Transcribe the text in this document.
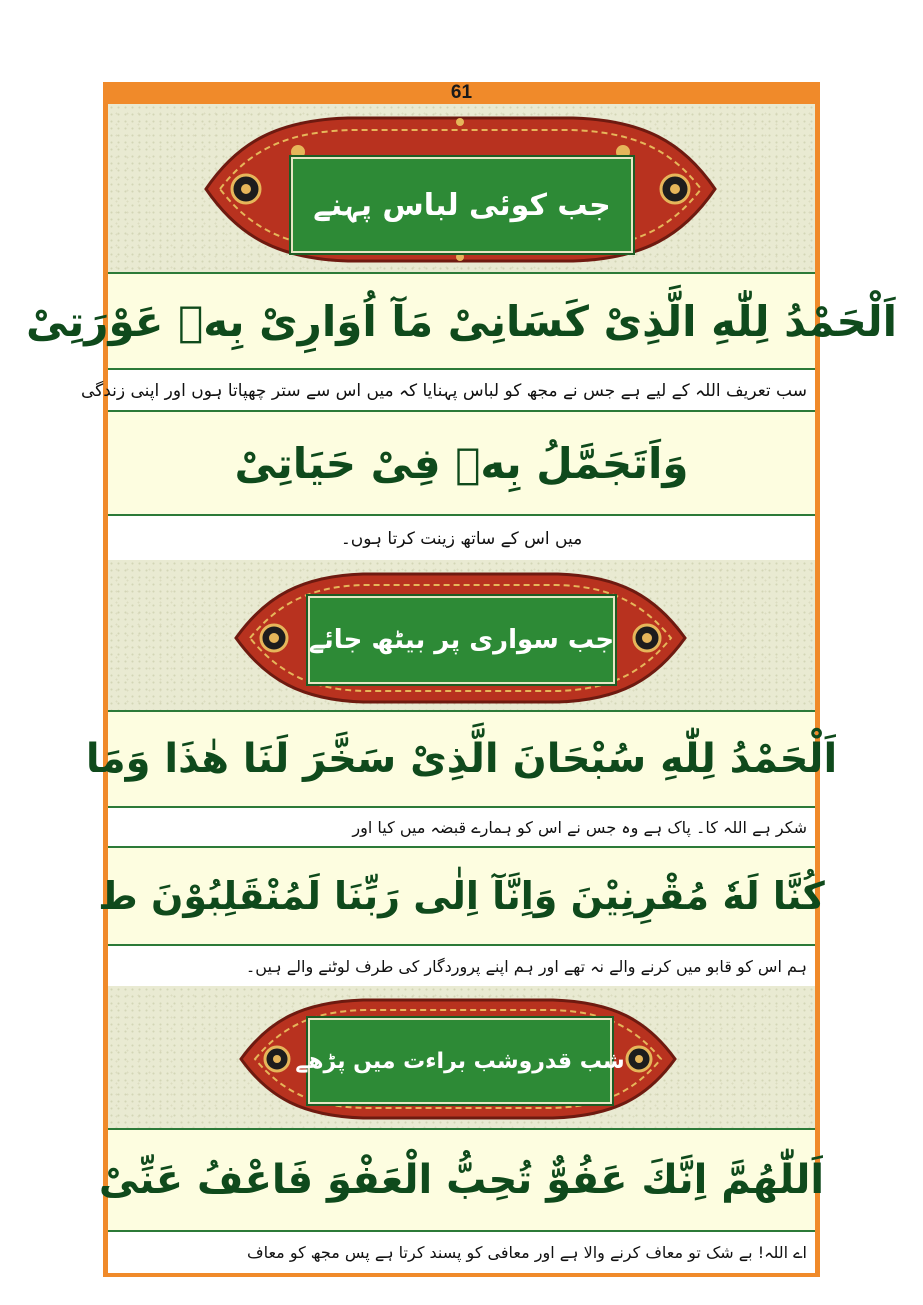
61
جب کوئی لباس پہنے
اَلْحَمْدُ لِلّٰهِ الَّذِیْ کَسَانِیْ مَآ اُوَارِیْ بِهٖ عَوْرَتِیْ
سب تعریف اللہ کے لیے ہے جس نے مجھ کو لباس پہنایا کہ میں اس سے ستر چھپاتا ہوں اور اپنی زندگی
وَاَتَجَمَّلُ بِهٖ فِیْ حَیَاتِیْ
میں اس کے ساتھ زینت کرتا ہوں۔
جب سواری پر بیٹھ جائے
اَلْحَمْدُ لِلّٰهِ سُبْحَانَ الَّذِیْ سَخَّرَ لَنَا هٰذَا وَمَا
شکر ہے اللہ کا۔ پاک ہے وہ جس نے اس کو ہمارے قبضہ میں کیا اور
کُنَّا لَهٗ مُقْرِنِیْنَ وَاِنَّآ اِلٰی رَبِّنَا لَمُنْقَلِبُوْنَ ط
ہم اس کو قابو میں کرنے والے نہ تھے اور ہم اپنے پروردگار کی طرف لوٹنے والے ہیں۔
شب قدروشب براءت میں پڑھے
اَللّٰهُمَّ اِنَّكَ عَفُوٌّ تُحِبُّ الْعَفْوَ فَاعْفُ عَنِّیْ
اے اللہ! بے شک تو معاف کرنے والا ہے اور معافی کو پسند کرتا ہے پس مجھ کو معاف
